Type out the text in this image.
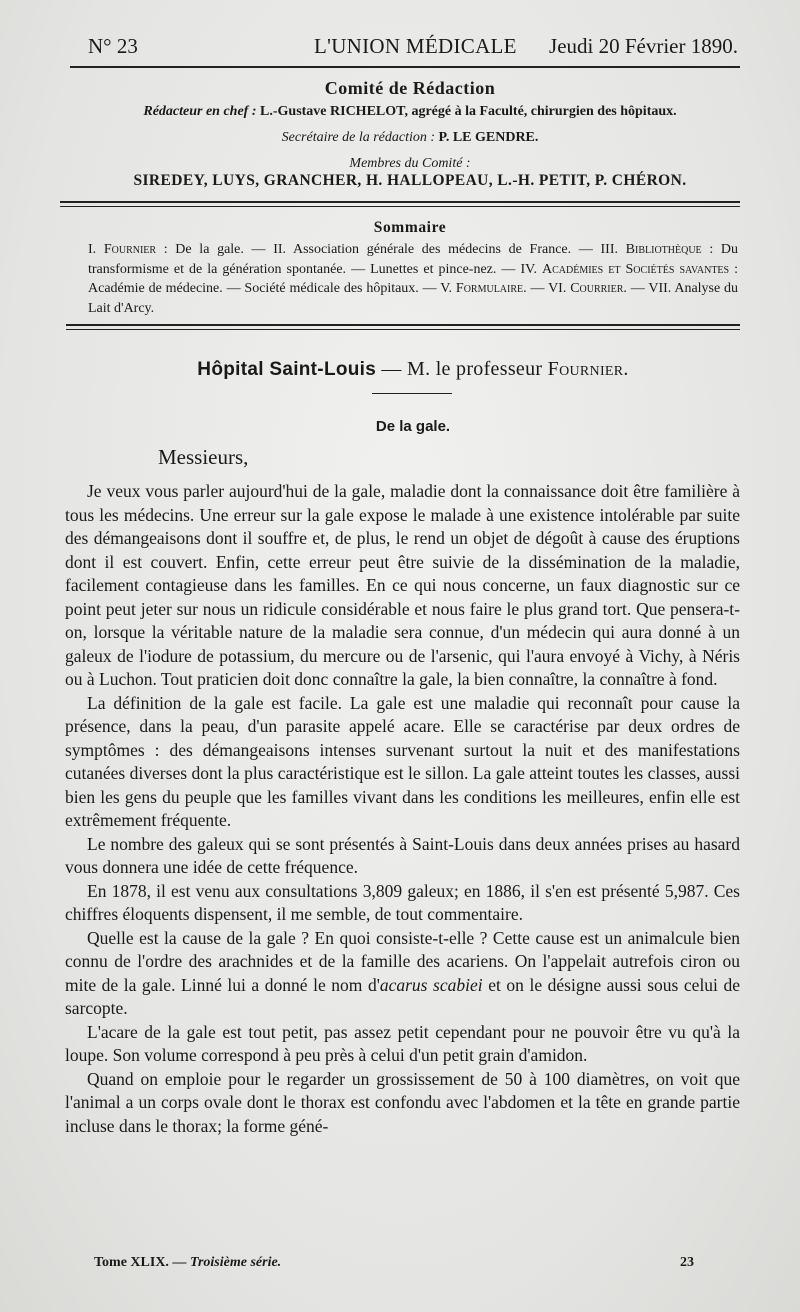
N° 23	L'UNION MÉDICALE Jeudi 20 Février 1890.
Comité de Rédaction
Rédacteur en chef : L.-Gustave RICHELOT, agrégé à la Faculté, chirurgien des hôpitaux.
Secrétaire de la rédaction : P. LE GENDRE.
Membres du Comité :
SIREDEY, LUYS, GRANCHER, H. HALLOPEAU, L.-H. PETIT, P. CHÉRON.
Sommaire
I. Fournier : De la gale. — II. Association générale des médecins de France. — III. Bibliothèque : Du transformisme et de la génération spontanée. — Lunettes et pince-nez. — IV. Académies et Sociétés savantes : Académie de médecine. — Société médicale des hôpitaux. — V. Formulaire. — VI. Courrier. — VII. Analyse du Lait d'Arcy.
Hôpital Saint-Louis — M. le professeur Fournier.
De la gale.
Messieurs,

Je veux vous parler aujourd'hui de la gale, maladie dont la connaissance doit être familière à tous les médecins. Une erreur sur la gale expose le malade à une existence intolérable par suite des démangeaisons dont il souffre et, de plus, le rend un objet de dégoût à cause des éruptions dont il est couvert. Enfin, cette erreur peut être suivie de la dissémination de la maladie, facilement contagieuse dans les familles. En ce qui nous concerne, un faux diagnostic sur ce point peut jeter sur nous un ridicule considérable et nous faire le plus grand tort. Que pensera-t-on, lorsque la véritable nature de la maladie sera connue, d'un médecin qui aura donné à un galeux de l'iodure de potassium, du mercure ou de l'arsenic, qui l'aura envoyé à Vichy, à Néris ou à Luchon. Tout praticien doit donc connaître la gale, la bien connaître, la connaître à fond.

La définition de la gale est facile. La gale est une maladie qui reconnaît pour cause la présence, dans la peau, d'un parasite appelé acare. Elle se caractérise par deux ordres de symptômes : des démangeaisons intenses survenant surtout la nuit et des manifestations cutanées diverses dont la plus caractéristique est le sillon. La gale atteint toutes les classes, aussi bien les gens du peuple que les familles vivant dans les conditions les meilleures, enfin elle est extrêmement fréquente.

Le nombre des galeux qui se sont présentés à Saint-Louis dans deux années prises au hasard vous donnera une idée de cette fréquence.

En 1878, il est venu aux consultations 3,809 galeux; en 1886, il s'en est présenté 5,987. Ces chiffres éloquents dispensent, il me semble, de tout commentaire.

Quelle est la cause de la gale ? En quoi consiste-t-elle ? Cette cause est un animalcule bien connu de l'ordre des arachnides et de la famille des acariens. On l'appelait autrefois ciron ou mite de la gale. Linné lui a donné le nom d'acarus scabiei et on le désigne aussi sous celui de sarcopte.

L'acare de la gale est tout petit, pas assez petit cependant pour ne pouvoir être vu qu'à la loupe. Son volume correspond à peu près à celui d'un petit grain d'amidon.

Quand on emploie pour le regarder un grossissement de 50 à 100 diamètres, on voit que l'animal a un corps ovale dont le thorax est confondu avec l'abdomen et la tête en grande partie incluse dans le thorax; la forme géné-

Tome XLIX. — Troisième série.	23
